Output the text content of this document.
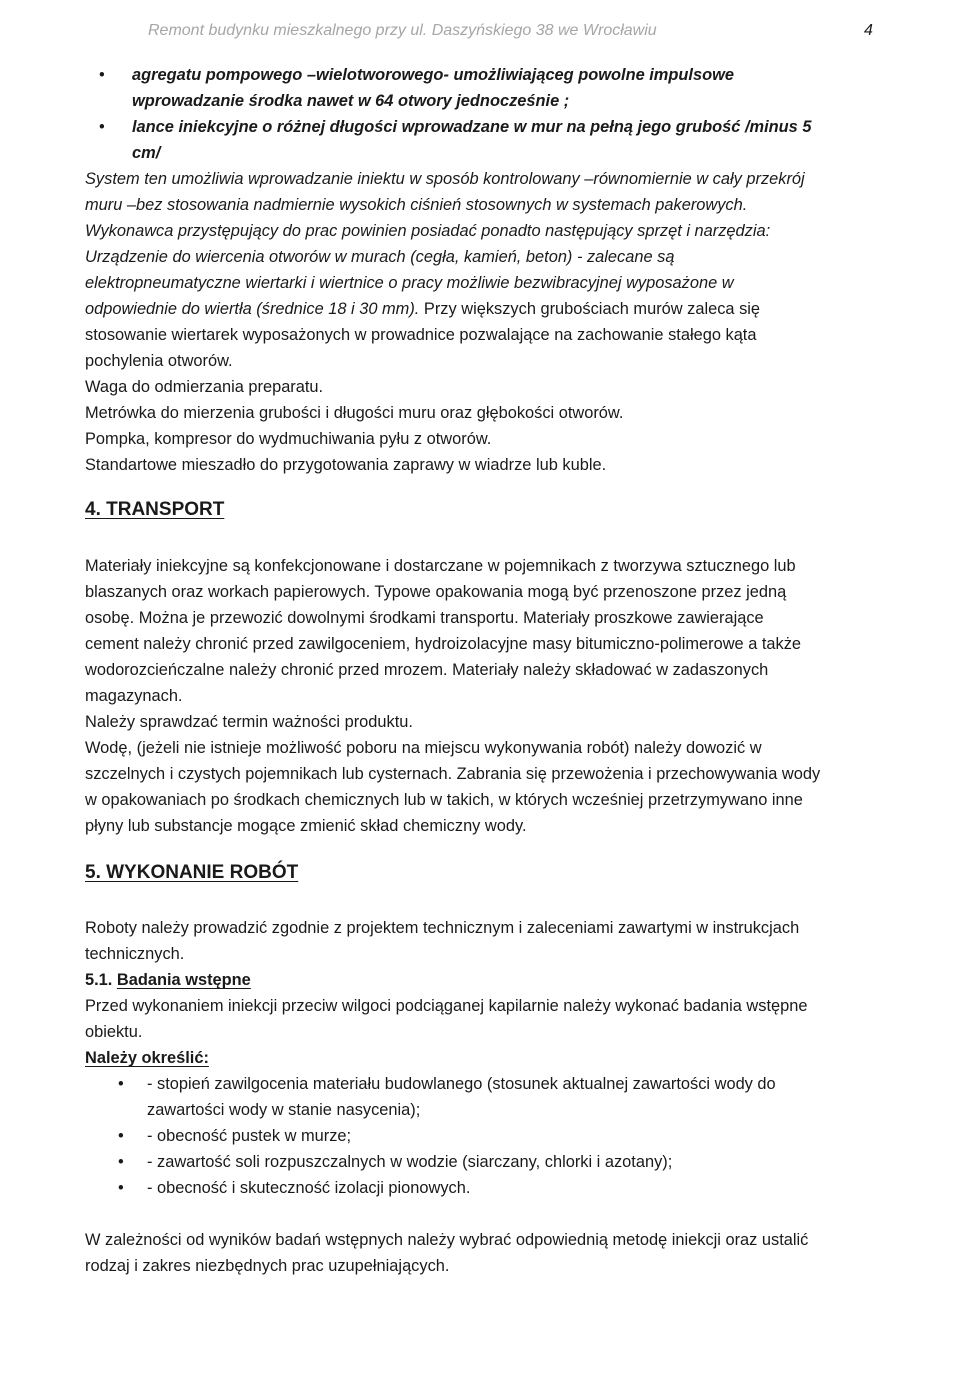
Remont budynku mieszkalnego przy ul. Daszyńskiego 38 we Wrocławiu	4
• agregatu pompowego –wielotworowego- umożliwiająceg powolne impulsowe
wprowadzanie środka nawet w 64 otwory jednocześnie ;
• lance iniekcyjne o różnej długości wprowadzane w mur na pełną jego grubość /minus 5
cm/
System ten umożliwia wprowadzanie iniektu w sposób kontrolowany –równomiernie w cały przekrój
muru –bez stosowania nadmiernie wysokich ciśnień stosownych w systemach pakerowych.
Wykonawca przystępujący do prac powinien posiadać ponadto następujący sprzęt i narzędzia:
Urządzenie do wiercenia otworów w murach (cegła, kamień, beton) - zalecane są
elektropneumatyczne wiertarki i wiertnice o pracy możliwie bezwibracyjnej wyposażone w
odpowiednie do wiertła (średnice 18 i 30 mm). Przy większych grubościach murów zaleca się
stosowanie wiertarek wyposażonych w prowadnice pozwalające na zachowanie stałego kąta
pochylenia otworów.
Waga do odmierzania preparatu.
Metrówka do mierzenia grubości i długości muru oraz głębokości otworów.
Pompka, kompresor do wydmuchiwania pyłu z otworów.
Standartowe mieszadło do przygotowania zaprawy w wiadrze lub kuble.
4. TRANSPORT
Materiały iniekcyjne są konfekcjonowane i dostarczane w pojemnikach z tworzywa sztucznego lub
blaszanych oraz workach papierowych. Typowe opakowania mogą być przenoszone przez jedną
osobę. Można je przewozić dowolnymi środkami transportu. Materiały proszkowe zawierające
cement należy chronić przed zawilgoceniem, hydroizolacyjne masy bitumiczno-polimerowe a także
wodorozcieńczalne należy chronić przed mrozem. Materiały należy składować w zadaszonych
magazynach.
Należy sprawdzać termin ważności produktu.
Wodę, (jeżeli nie istnieje możliwość poboru na miejscu wykonywania robót) należy dowozić w
szczelnych i czystych pojemnikach lub cysternach. Zabrania się przewożenia i przechowywania wody
w opakowaniach po środkach chemicznych lub w takich, w których wcześniej przetrzymywano inne
płyny lub substancje mogące zmienić skład chemiczny wody.
5. WYKONANIE ROBÓT
Roboty należy prowadzić zgodnie z projektem technicznym i zaleceniami zawartymi w instrukcjach
technicznych.
5.1. Badania wstępne
Przed wykonaniem iniekcji przeciw wilgoci podciąganej kapilarnie należy wykonać badania wstępne
obiektu.
Należy określić:
• - stopień zawilgocenia materiału budowlanego (stosunek aktualnej zawartości wody do
zawartości wody w stanie nasycenia);
• - obecność pustek w murze;
• - zawartość soli rozpuszczalnych w wodzie (siarczany, chlorki i azotany);
• - obecność i skuteczność izolacji pionowych.
W zależności od wyników badań wstępnych należy wybrać odpowiednią metodę iniekcji oraz ustalić
rodzaj i zakres niezbędnych prac uzupełniających.
